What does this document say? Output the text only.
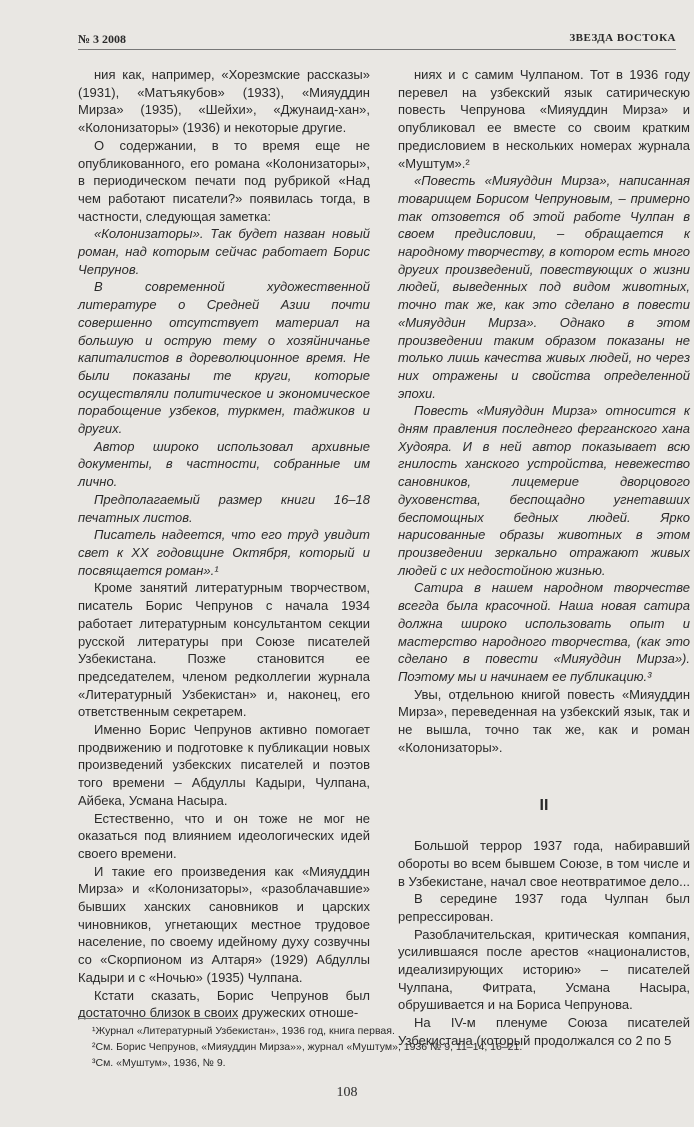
№ 3 2008	ЗВЕЗДА ВОСТОКА

ния как, например, «Хорезмские рассказы» (1931), «Матъякубов» (1933), «Мияуддин Мирза» (1935), «Шейхи», «Джунаид-хан», «Колонизаторы» (1936) и некоторые другие.

О содержании, в то время еще не опубликованного, его романа «Колонизаторы», в периодическом печати под рубрикой «Над чем работают писатели?» появилась тогда, в частности, следующая заметка:

«Колонизаторы». Так будет назван новый роман, над которым сейчас работает Борис Чепрунов.

В современной художественной литературе о Средней Азии почти совершенно отсутствует материал на большую и острую тему о хозяйничанье капиталистов в дореволюционное время. Не были показаны те круги, которые осуществляли политическое и экономическое порабощение узбеков, туркмен, таджиков и других.

Автор широко использовал архивные документы, в частности, собранные им лично.

Предполагаемый размер книги 16–18 печатных листов.

Писатель надеется, что его труд увидит свет к XX годовщине Октября, который и посвящается роман».¹

Кроме занятий литературным творчеством, писатель Борис Чепрунов с начала 1934 работает литературным консультантом секции русской литературы при Союзе писателей Узбекистана. Позже становится ее председателем, членом редколлегии журнала «Литературный Узбекистан» и, наконец, его ответственным секретарем.

Именно Борис Чепрунов активно помогает продвижению и подготовке к публикации новых произведений узбекских писателей и поэтов того времени – Абдуллы Кадыри, Чулпана, Айбека, Усмана Насыра.

Естественно, что и он тоже не мог не оказаться под влиянием идеологических идей своего времени.

И такие его произведения как «Мияуддин Мирза» и «Колонизаторы», «разоблачавшие» бывших ханских сановников и царских чиновников, угнетающих местное трудовое население, по своему идейному духу созвучны со «Скорпионом из Алтаря» (1929) Абдуллы Кадыри и с «Ночью» (1935) Чулпана.

Кстати сказать, Борис Чепрунов был достаточно близок в своих дружеских отноше-

ниях и с самим Чулпаном. Тот в 1936 году перевел на узбекский язык сатирическую повесть Чепрунова «Мияуддин Мирза» и опубликовал ее вместе со своим кратким предисловием в нескольких номерах журнала «Муштум».²

«Повесть «Мияуддин Мирза», написанная товарищем Борисом Чепруновым, – примерно так отзовется об этой работе Чулпан в своем предисловии, – обращается к народному творчеству, в котором есть много других произведений, повествующих о жизни людей, выведенных под видом животных, точно так же, как это сделано в повести «Мияуддин Мирза». Однако в этом произведении таким образом показаны не только лишь качества живых людей, но через них отражены и свойства определенной эпохи.

Повесть «Мияуддин Мирза» относится к дням правления последнего ферганского хана Худояра. И в ней автор показывает всю гнилость ханского устройства, невежество сановников, лицемерие дворцового духовенства, беспощадно угнетавших беспомощных бедных людей. Ярко нарисованные образы животных в этом произведении зеркально отражают живых людей с их недостойною жизнью.

Сатира в нашем народном творчестве всегда была красочной. Наша новая сатира должна широко использовать опыт и мастерство народного творчества, (как это сделано в повести «Мияуддин Мирза»). Поэтому мы и начинаем ее публикацию.³

Увы, отдельною книгой повесть «Мияуддин Мирза», переведенная на узбекский язык, так и не вышла, точно так же, как и роман «Колонизаторы».

II

Большой террор 1937 года, набиравший обороты во всем бывшем Союзе, в том числе и в Узбекистане, начал свое неотвратимое дело...

В середине 1937 года Чулпан был репрессирован.

Разоблачительская, критическая компания, усилившаяся после арестов «националистов, идеализирующих историю» – писателей Чулпана, Фитрата, Усмана Насыра, обрушивается и на Бориса Чепрунова.

На IV-м пленуме Союза писателей Узбекистана (который продолжался со 2 по 5

¹Журнал «Литературный Узбекистан», 1936 год, книга первая.
²См. Борис Чепрунов, «Мияуддин Мирза»», журнал «Муштум», 1936 № 9, 11–14, 16–21.
³См. «Муштум», 1936, № 9.
108
